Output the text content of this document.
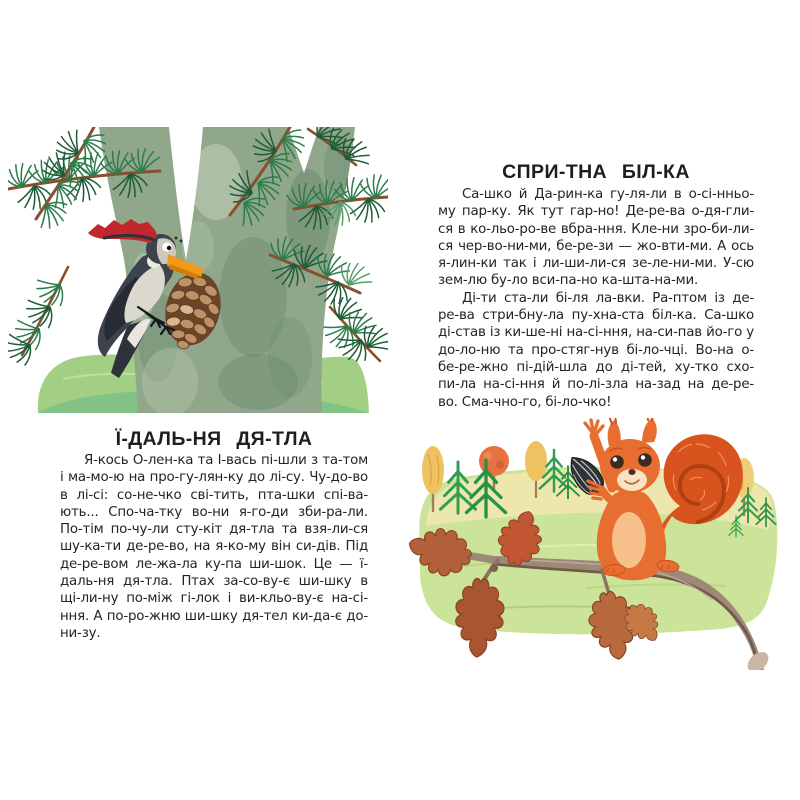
Ї-ДАЛЬ-НЯ ДЯ-ТЛА

Я-кось О-лен-ка та І-вась пі-шли з та-том і ма-мо-ю на про-гу-лян-ку до лі-су. Чу-до-во в лі-сі: со-не-чко сві-тить, пта-шки спі-ва-ють... Спо-ча-тку во-ни я-го-ди зби-ра-ли. По-тім по-чу-ли сту-кіт дя-тла та взя-ли-ся шу-ка-ти де-ре-во, на я-ко-му він си-дів. Під де-ре-вом ле-жа-ла ку-па ши-шок. Це — ї-даль-ня дя-тла. Птах за-со-ву-є ши-шку в щі-ли-ну по-між гі-лок і ви-кльо-ву-є на-сі-ння. А по-ро-жню ши-шку дя-тел ки-да-є до-ни-зу.

СПРИ-ТНА БІЛ-КА

Са-шко й Да-рин-ка гу-ля-ли в о-сі-нньо-му пар-ку. Як тут гар-но! Де-ре-ва о-дя-гли-ся в ко-льо-ро-ве вбра-ння. Кле-ни зро-би-ли-ся чер-во-ни-ми, бе-ре-зи — жо-вти-ми. А ось я-лин-ки так і ли-ши-ли-ся зе-ле-ни-ми. У-сю зем-лю бу-ло вси-па-но ка-шта-на-ми.

Ді-ти ста-ли бі-ля ла-вки. Ра-птом із де-ре-ва стри-бну-ла пу-хна-ста біл-ка. Са-шко ді-став із ки-ше-ні на-сі-ння, на-си-пав йо-го у до-ло-ню та про-стяг-нув бі-ло-чці. Во-на о-бе-ре-жно пі-дій-шла до ді-тей, ху-тко схо-пи-ла на-сі-ння й по-лі-зла на-зад на де-ре-во. Сма-чно-го, бі-ло-чко!
